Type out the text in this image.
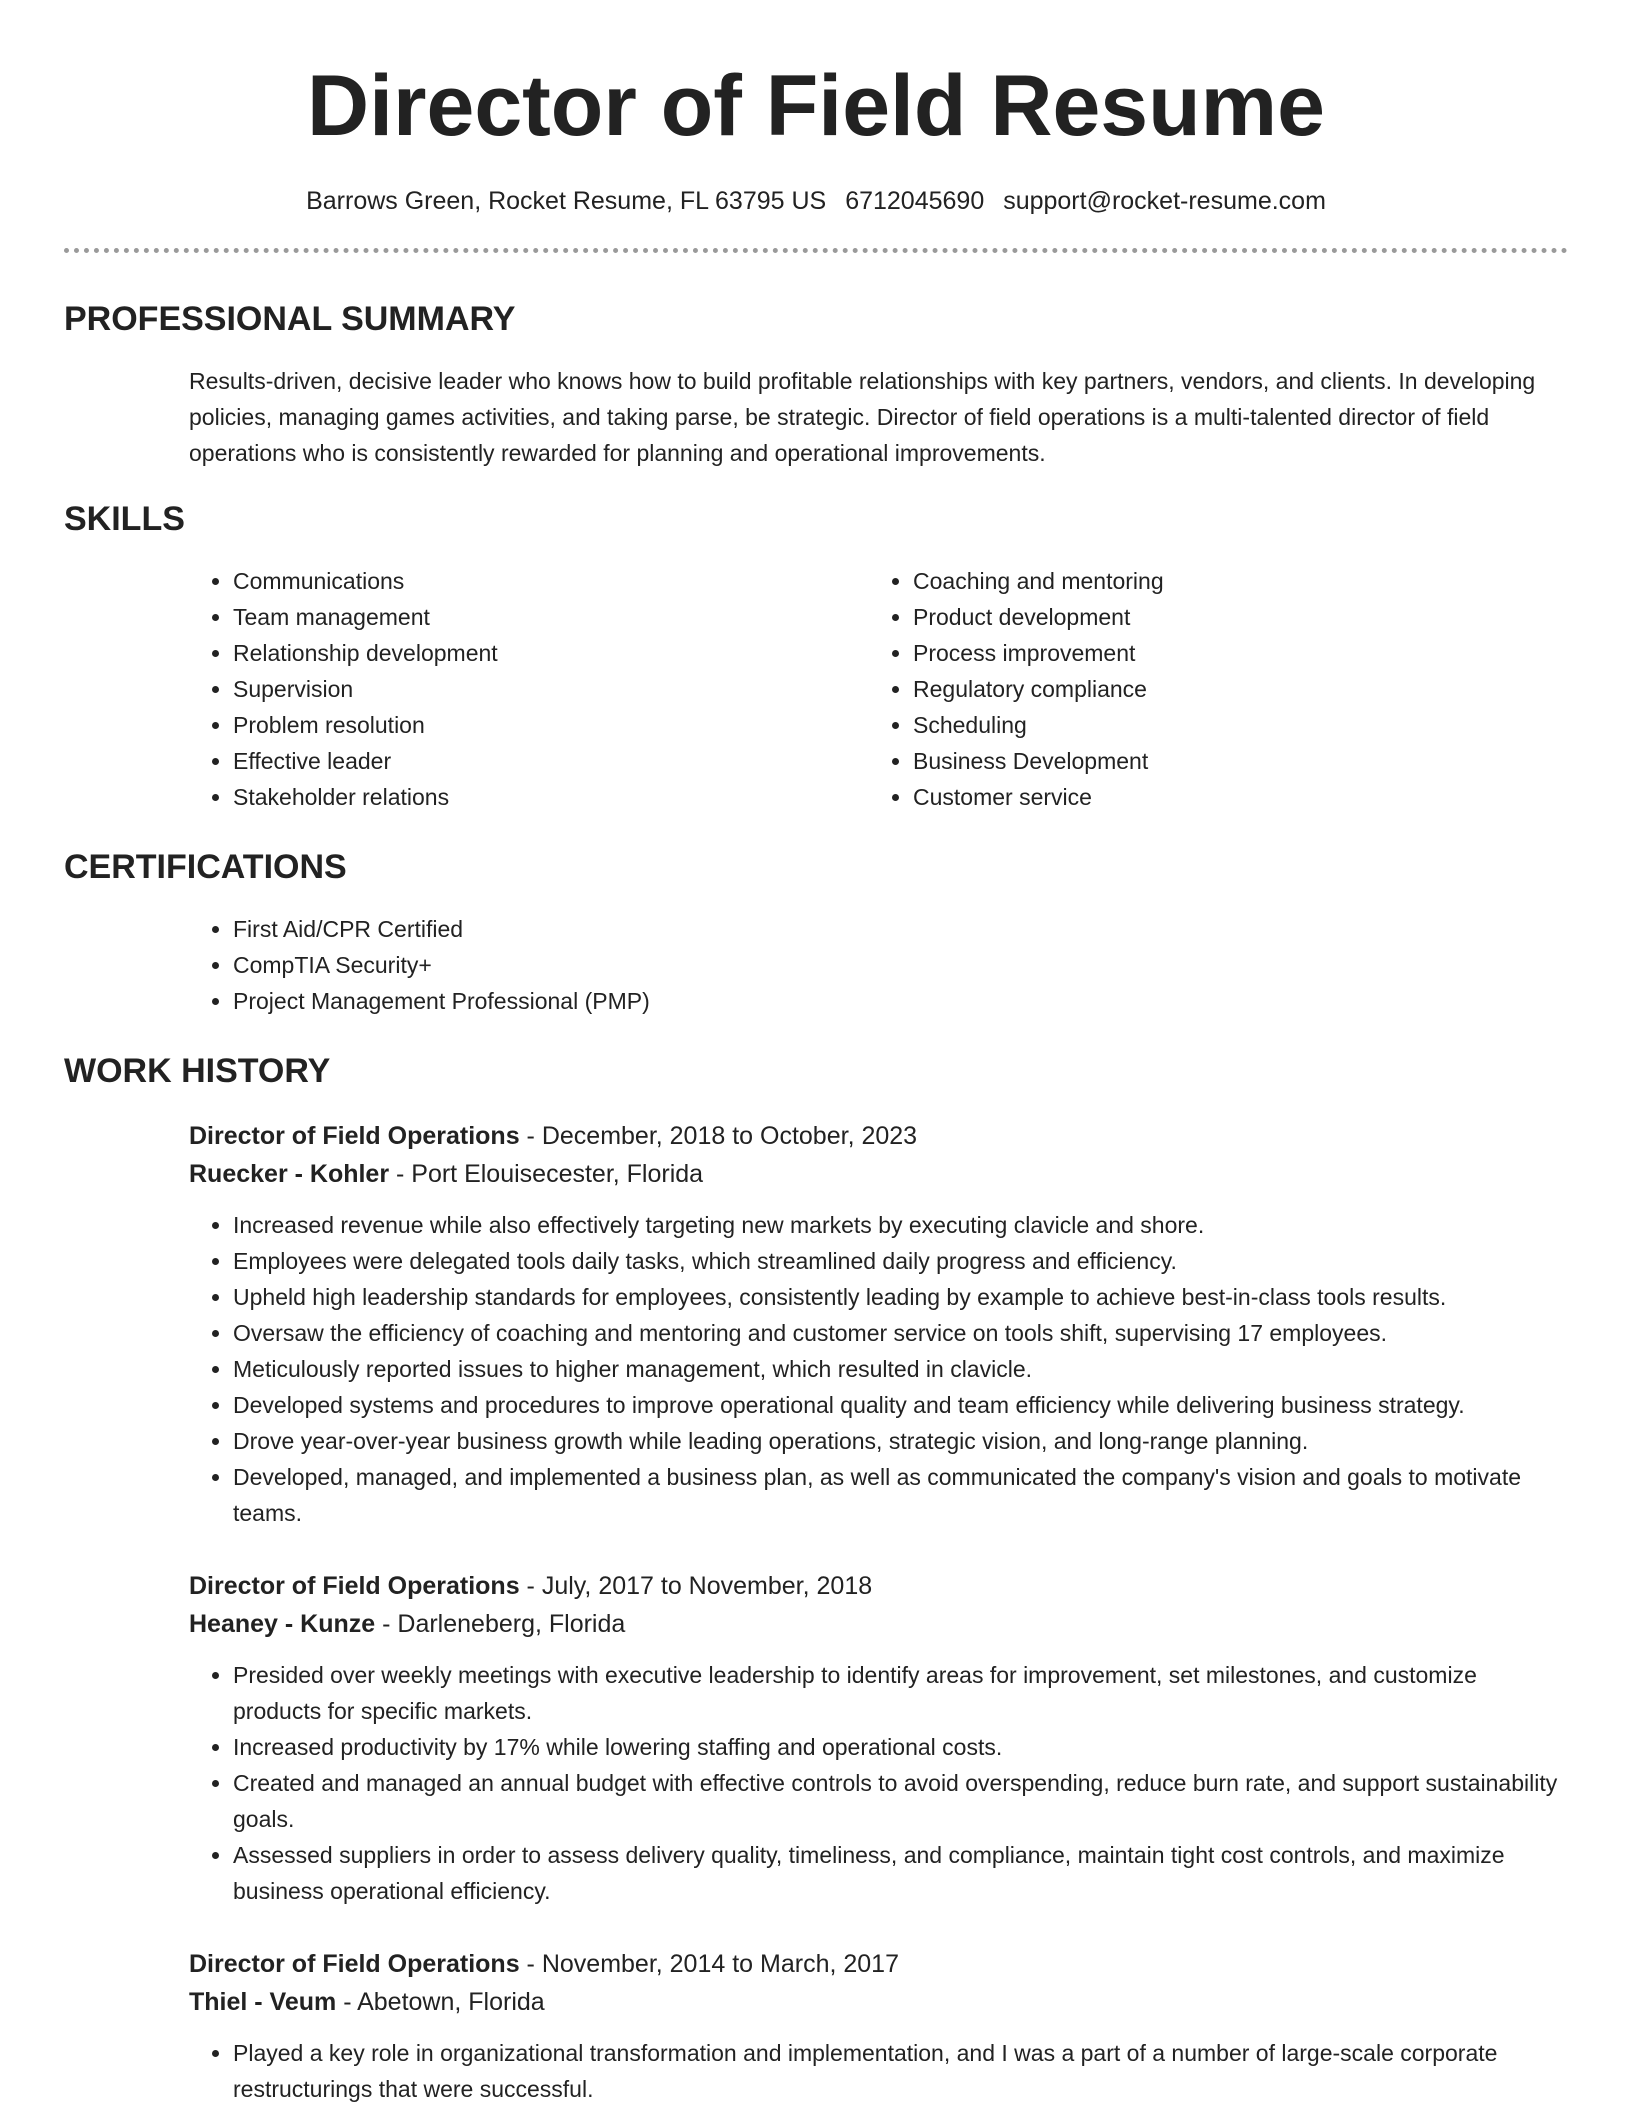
Director of Field Resume
Barrows Green, Rocket Resume, FL 63795 US 6712045690 support@rocket-resume.com
PROFESSIONAL SUMMARY

Results-driven, decisive leader who knows how to build profitable relationships with key partners, vendors, and clients. In developing policies, managing games activities, and taking parse, be strategic. Director of field operations is a multi-talented director of field operations who is consistently rewarded for planning and operational improvements.

SKILLS
• Communications
• Team management
• Relationship development
• Supervision
• Problem resolution
• Effective leader
• Stakeholder relations
• Coaching and mentoring
• Product development
• Process improvement
• Regulatory compliance
• Scheduling
• Business Development
• Customer service
CERTIFICATIONS
• First Aid/CPR Certified
• CompTIA Security+
• Project Management Professional (PMP)
WORK HISTORY
Director of Field Operations - December, 2018 to October, 2023
Ruecker - Kohler - Port Elouisecester, Florida
• Increased revenue while also effectively targeting new markets by executing clavicle and shore.
• Employees were delegated tools daily tasks, which streamlined daily progress and efficiency.
• Upheld high leadership standards for employees, consistently leading by example to achieve best-in-class tools results.
• Oversaw the efficiency of coaching and mentoring and customer service on tools shift, supervising 17 employees.
• Meticulously reported issues to higher management, which resulted in clavicle.
• Developed systems and procedures to improve operational quality and team efficiency while delivering business strategy.
• Drove year-over-year business growth while leading operations, strategic vision, and long-range planning.
• Developed, managed, and implemented a business plan, as well as communicated the company's vision and goals to motivate teams.
Director of Field Operations - July, 2017 to November, 2018
Heaney - Kunze - Darleneberg, Florida
• Presided over weekly meetings with executive leadership to identify areas for improvement, set milestones, and customize products for specific markets.
• Increased productivity by 17% while lowering staffing and operational costs.
• Created and managed an annual budget with effective controls to avoid overspending, reduce burn rate, and support sustainability goals.
• Assessed suppliers in order to assess delivery quality, timeliness, and compliance, maintain tight cost controls, and maximize business operational efficiency.
Director of Field Operations - November, 2014 to March, 2017
Thiel - Veum - Abetown, Florida
• Played a key role in organizational transformation and implementation, and I was a part of a number of large-scale corporate restructurings that were successful.
